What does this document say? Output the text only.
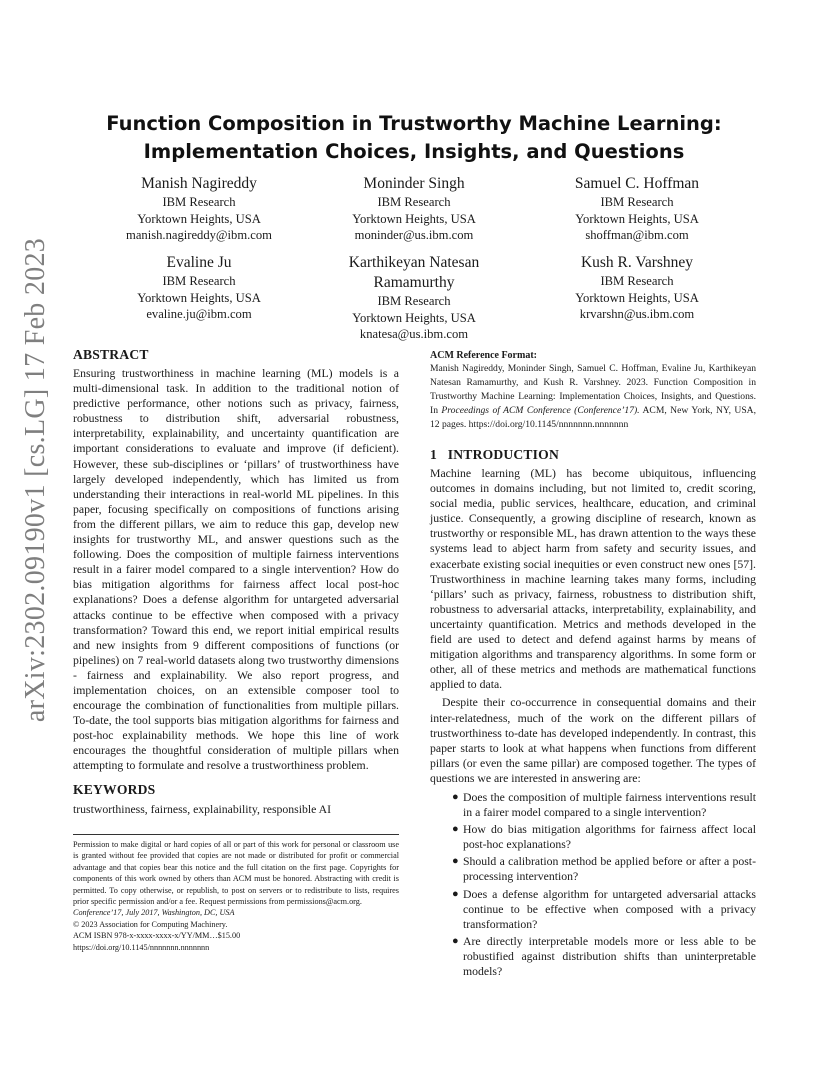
arXiv:2302.09190v1 [cs.LG] 17 Feb 2023
Function Composition in Trustworthy Machine Learning:
Implementation Choices, Insights, and Questions
Manish Nagireddy
IBM Research
Yorktown Heights, USA
manish.nagireddy@ibm.com
Moninder Singh
IBM Research
Yorktown Heights, USA
moninder@us.ibm.com
Samuel C. Hoffman
IBM Research
Yorktown Heights, USA
shoffman@ibm.com
Evaline Ju
IBM Research
Yorktown Heights, USA
evaline.ju@ibm.com
Karthikeyan Natesan
Ramamurthy
IBM Research
Yorktown Heights, USA
knatesa@us.ibm.com
Kush R. Varshney
IBM Research
Yorktown Heights, USA
krvarshn@us.ibm.com
ABSTRACT

Ensuring trustworthiness in machine learning (ML) models is a multi-dimensional task. In addition to the traditional notion of predictive performance, other notions such as privacy, fairness, robustness to distribution shift, adversarial robustness, interpretability, explainability, and uncertainty quantification are important considerations to evaluate and improve (if deficient). However, these sub-disciplines or ‘pillars’ of trustworthiness have largely developed independently, which has limited us from understanding their interactions in real-world ML pipelines. In this paper, focusing specifically on compositions of functions arising from the different pillars, we aim to reduce this gap, develop new insights for trustworthy ML, and answer questions such as the following. Does the composition of multiple fairness interventions result in a fairer model compared to a single intervention? How do bias mitigation algorithms for fairness affect local post-hoc explanations? Does a defense algorithm for untargeted adversarial attacks continue to be effective when composed with a privacy transformation? Toward this end, we report initial empirical results and new insights from 9 different compositions of functions (or pipelines) on 7 real-world datasets along two trustworthy dimensions - fairness and explainability. We also report progress, and implementation choices, on an extensible composer tool to encourage the combination of functionalities from multiple pillars. To-date, the tool supports bias mitigation algorithms for fairness and post-hoc explainability methods. We hope this line of work encourages the thoughtful consideration of multiple pillars when attempting to formulate and resolve a trustworthiness problem.

KEYWORDS

trustworthiness, fairness, explainability, responsible AI

Permission to make digital or hard copies of all or part of this work for personal or classroom use is granted without fee provided that copies are not made or distributed for profit or commercial advantage and that copies bear this notice and the full citation on the first page. Copyrights for components of this work owned by others than ACM must be honored. Abstracting with credit is permitted. To copy otherwise, or republish, to post on servers or to redistribute to lists, requires prior specific permission and/or a fee. Request permissions from permissions@acm.org.

Conference’17, July 2017, Washington, DC, USA
© 2023 Association for Computing Machinery.
ACM ISBN 978-x-xxxx-xxxx-x/YY/MM…$15.00
https://doi.org/10.1145/nnnnnnn.nnnnnnn
ACM Reference Format:

Manish Nagireddy, Moninder Singh, Samuel C. Hoffman, Evaline Ju, Karthikeyan Natesan Ramamurthy, and Kush R. Varshney. 2023. Function Composition in Trustworthy Machine Learning: Implementation Choices, Insights, and Questions. In Proceedings of ACM Conference (Conference’17). ACM, New York, NY, USA, 12 pages. https://doi.org/10.1145/nnnnnnn.nnnnnnn

1   INTRODUCTION

Machine learning (ML) has become ubiquitous, influencing outcomes in domains including, but not limited to, credit scoring, social media, public services, healthcare, education, and criminal justice. Consequently, a growing discipline of research, known as trustworthy or responsible ML, has drawn attention to the ways these systems lead to abject harm from safety and security issues, and exacerbate existing social inequities or even construct new ones [57]. Trustworthiness in machine learning takes many forms, including ‘pillars’ such as privacy, fairness, robustness to distribution shift, robustness to adversarial attacks, interpretability, explainability, and uncertainty quantification. Metrics and methods developed in the field are used to detect and defend against harms by means of mitigation algorithms and transparency algorithms. In some form or other, all of these metrics and methods are mathematical functions applied to data.

Despite their co-occurrence in consequential domains and their inter-relatedness, much of the work on the different pillars of trustworthiness to-date has developed independently. In contrast, this paper starts to look at what happens when functions from different pillars (or even the same pillar) are composed together. The types of questions we are interested in answering are:

● Does the composition of multiple fairness interventions result in a fairer model compared to a single intervention?
● How do bias mitigation algorithms for fairness affect local post-hoc explanations?
● Should a calibration method be applied before or after a post-processing intervention?
● Does a defense algorithm for untargeted adversarial attacks continue to be effective when composed with a privacy transformation?
● Are directly interpretable models more or less able to be robustified against distribution shifts than uninterpretable models?
